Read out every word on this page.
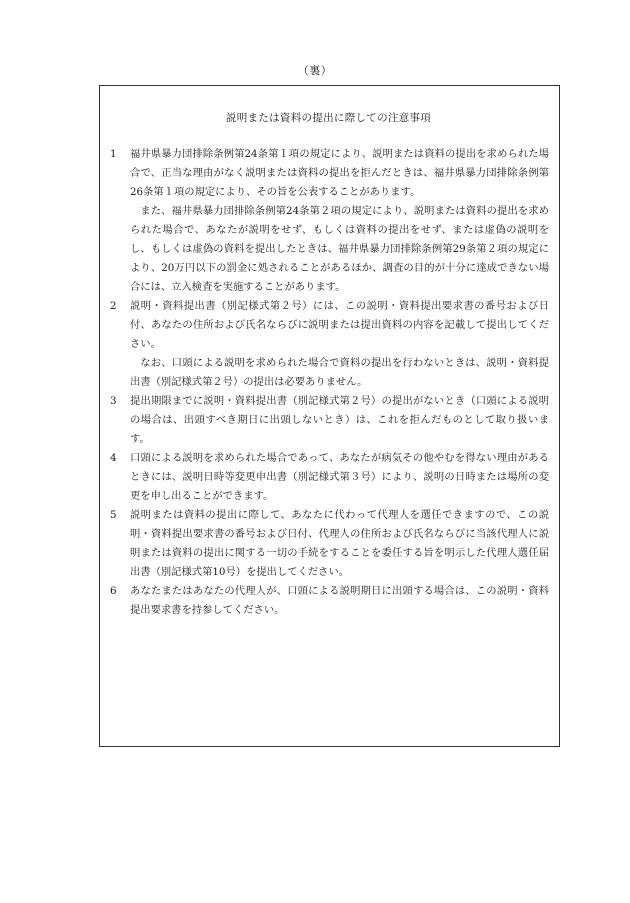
（裏）
説明または資料の提出に際しての注意事項
1	福井県暴力団排除条例第24条第１項の規定により、説明または資料の提出を求められた場合で、正当な理由がなく説明または資料の提出を拒んだときは、福井県暴力団排除条例第26条第１項の規定により、その旨を公表することがあります。

また、福井県暴力団排除条例第24条第２項の規定により、説明または資料の提出を求められた場合で、あなたが説明をせず、もしくは資料の提出をせず、または虚偽の説明をし、もしくは虚偽の資料を提出したときは、福井県暴力団排除条例第29条第２項の規定により、20万円以下の罰金に処されることがあるほか、調査の目的が十分に達成できない場合には、立入検査を実施することがあります。

2	説明・資料提出書（別記様式第２号）には、この説明・資料提出要求書の番号および日付、あなたの住所および氏名ならびに説明または提出資料の内容を記載して提出してください。

なお、口頭による説明を求められた場合で資料の提出を行わないときは、説明・資料提出書（別記様式第２号）の提出は必要ありません。

3	提出期限までに説明・資料提出書（別記様式第２号）の提出がないとき（口頭による説明の場合は、出頭すべき期日に出頭しないとき）は、これを拒んだものとして取り扱います。

4	口頭による説明を求められた場合であって、あなたが病気その他やむを得ない理由があるときには、説明日時等変更申出書（別記様式第３号）により、説明の日時または場所の変更を申し出ることができます。

5	説明または資料の提出に際して、あなたに代わって代理人を選任できますので、この説明・資料提出要求書の番号および日付、代理人の住所および氏名ならびに当該代理人に説明または資料の提出に関する一切の手続をすることを委任する旨を明示した代理人選任届出書（別記様式第10号）を提出してください。

6	あなたまたはあなたの代理人が、口頭による説明期日に出頭する場合は、この説明・資料提出要求書を持参してください。
